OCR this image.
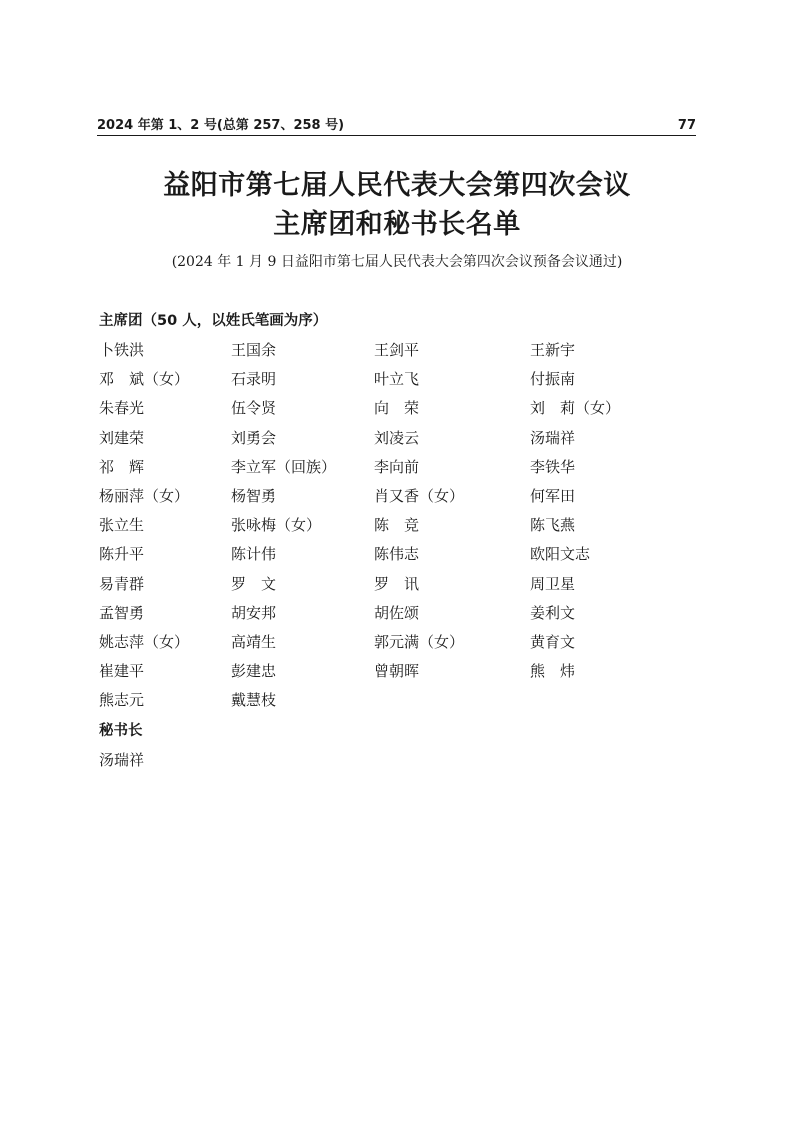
2024 年第 1、2 号(总第 257、258 号)	77
益阳市第七届人民代表大会第四次会议
主席团和秘书长名单
(2024 年 1 月 9 日益阳市第七届人民代表大会第四次会议预备会议通过)
主席团（50 人，以姓氏笔画为序）
卜铁洪	王国余	王剑平	王新宇
邓　斌（女）	石录明	叶立飞	付振南
朱春光	伍令贤	向　荣	刘　莉（女）
刘建荣	刘勇会	刘凌云	汤瑞祥
祁　辉	李立军（回族）	李向前	李铁华
杨丽萍（女）	杨智勇	肖又香（女）	何军田
张立生	张咏梅（女）	陈　竞	陈飞燕
陈升平	陈计伟	陈伟志	欧阳文志
易青群	罗　文	罗　讯	周卫星
孟智勇	胡安邦	胡佐颂	姜利文
姚志萍（女）	高靖生	郭元满（女）	黄育文
崔建平	彭建忠	曾朝晖	熊　炜
熊志元	戴慧枝
秘书长
汤瑞祥
